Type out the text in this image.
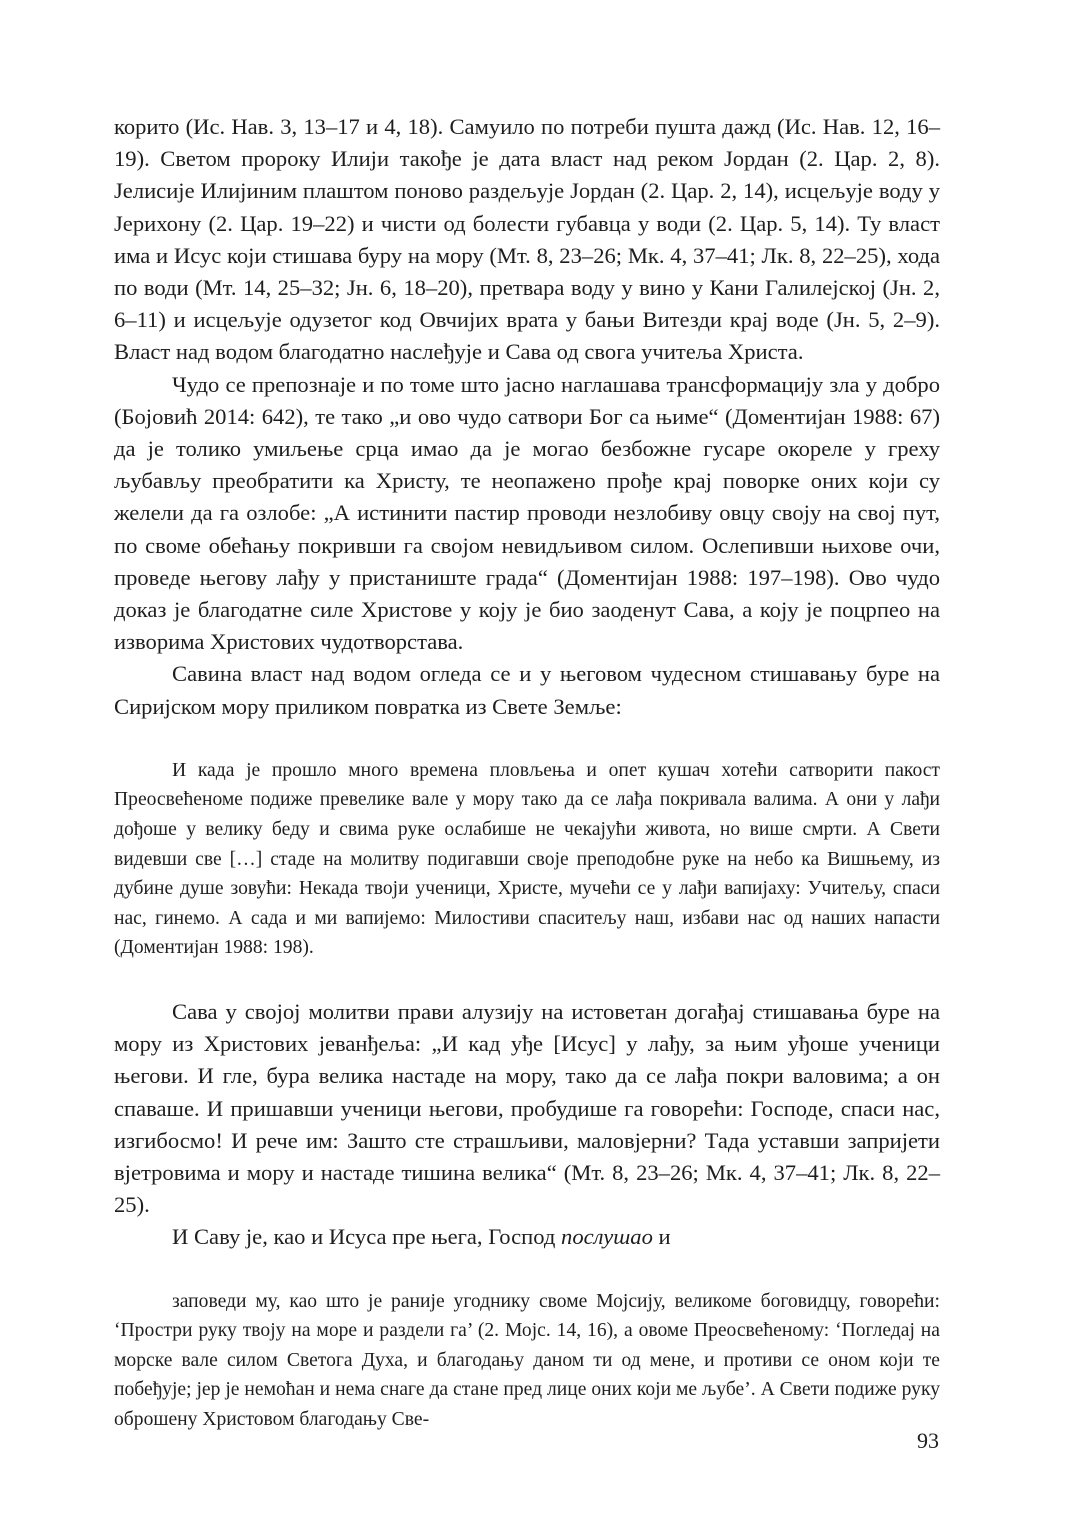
корито (Ис. Нав. 3, 13–17 и 4, 18). Самуило по потреби пушта дажд (Ис. Нав. 12, 16–19). Светом пророку Илији такође је дата власт над реком Јордан (2. Цар. 2, 8). Јелисије Илијиним плаштом поново раздељује Јордан (2. Цар. 2, 14), исцељује воду у Јерихону (2. Цар. 19–22) и чисти од болести губавца у води (2. Цар. 5, 14). Ту власт има и Исус који стишава буру на мору (Мт. 8, 23–26; Мк. 4, 37–41; Лк. 8, 22–25), хода по води (Мт. 14, 25–32; Јн. 6, 18–20), претвара воду у вино у Кани Галилејској (Јн. 2, 6–11) и исцељује одузетог код Овчијих врата у бањи Витезди крај воде (Јн. 5, 2–9). Власт над водом благодатно наслеђује и Сава од свога учитеља Христа.

Чудо се препознаје и по томе што јасно наглашава трансформацију зла у добро (Бојовић 2014: 642), те тако „и ово чудо сатвори Бог са њиме“ (Доментијан 1988: 67) да је толико умиљење срца имао да је могао безбожне гусаре окореле у греху љубављу преобратити ка Христу, те неопажено прође крај поворке оних који су желели да га озлобе: „А истинити пастир проводи незлобиву овцу своју на свој пут, по своме обећању покривши га својом невидљивом силом. Ослепивши њихове очи, проведе његову лађу у пристаниште града“ (Доментијан 1988: 197–198). Ово чудо доказ је благодатне силе Христове у коју је био заоденут Сава, а коју је поцрпео на изворима Христових чудотворстава.

Савина власт над водом огледа се и у његовом чудесном стишавању буре на Сиријском мору приликом повратка из Свете Земље:

И када је прошло много времена пловљења и опет кушач хотећи сатворити пакост Преосвећеноме подиже превелике вале у мору тако да се лађа покривала валима. А они у лађи дођоше у велику беду и свима руке ослабише не чекајући живота, но више смрти. А Свети видевши све […] стаде на молитву подигавши своје преподобне руке на небо ка Вишњему, из дубине душе зовући: Некада твоји ученици, Христе, мучећи се у лађи вапијаху: Учитељу, спаси нас, гинемо. А сада и ми вапијемо: Милостиви спаситељу наш, избави нас од наших напасти (Доментијан 1988: 198).

Сава у својој молитви прави алузију на истоветан догађај стишавања буре на мору из Христових јеванђеља: „И кад уђе [Исус] у лађу, за њим уђоше ученици његови. И гле, бура велика настаде на мору, тако да се лађа покри валовима; а он спаваше. И пришавши ученици његови, пробудише га говорећи: Господе, спаси нас, изгибосмо! И рече им: Зашто сте страшљиви, маловјерни? Тада уставши запријети вјетровима и мору и настаде тишина велика“ (Мт. 8, 23–26; Мк. 4, 37–41; Лк. 8, 22–25).

И Саву је, као и Исуса пре њега, Господ послушао и

заповеди му, као што је раније угоднику своме Мојсију, великоме боговидцу, говорећи: ‘Простри руку твоју на море и раздели га’ (2. Мојс. 14, 16), а овоме Преосвећеному: ‘Погледај на морске вале силом Светога Духа, и благодању даном ти од мене, и противи се оном који те побеђује; јер је немоћан и нема снаге да стане пред лице оних који ме љубе’. А Свети подиже руку оброшену Христовом благодању Све-

93
